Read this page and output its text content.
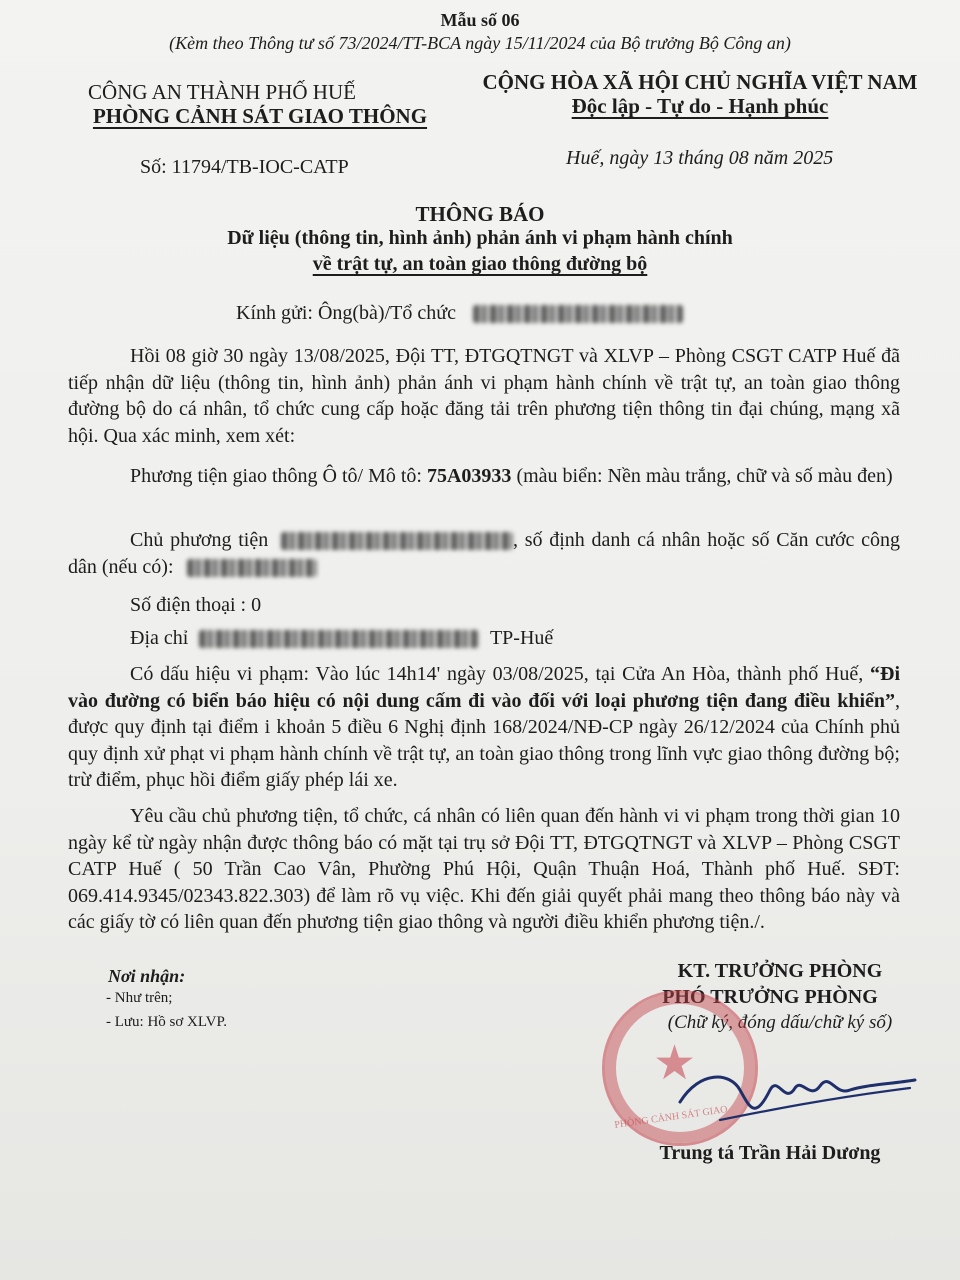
Mẫu số 06
(Kèm theo Thông tư số 73/2024/TT-BCA ngày 15/11/2024 của Bộ trưởng Bộ Công an)
CÔNG AN THÀNH PHỐ HUẾ
PHÒNG CẢNH SÁT GIAO THÔNG
CỘNG HÒA XÃ HỘI CHỦ NGHĨA VIỆT NAM
Độc lập - Tự do - Hạnh phúc
Số: 11794/TB-IOC-CATP	Huế, ngày 13 tháng 08 năm 2025
THÔNG BÁO
Dữ liệu (thông tin, hình ảnh) phản ánh vi phạm hành chính
về trật tự, an toàn giao thông đường bộ
Kính gửi: Ông(bà)/Tổ chức
Hồi 08 giờ 30 ngày 13/08/2025, Đội TT, ĐTGQTNGT và XLVP – Phòng CSGT CATP Huế đã tiếp nhận dữ liệu (thông tin, hình ảnh) phản ánh vi phạm hành chính về trật tự, an toàn giao thông đường bộ do cá nhân, tổ chức cung cấp hoặc đăng tải trên phương tiện thông tin đại chúng, mạng xã hội. Qua xác minh, xem xét:
Phương tiện giao thông Ô tô/ Mô tô: 75A03933 (màu biển: Nền màu trắng, chữ và số màu đen)
Chủ phương tiện	, số định danh cá nhân hoặc số Căn cước công dân (nếu có):
Số điện thoại : 0
Địa chỉ	TP-Huế
Có dấu hiệu vi phạm: Vào lúc 14h14' ngày 03/08/2025, tại Cửa An Hòa, thành phố Huế, “Đi vào đường có biển báo hiệu có nội dung cấm đi vào đối với loại phương tiện đang điều khiển”, được quy định tại điểm i khoản 5 điều 6 Nghị định 168/2024/NĐ-CP ngày 26/12/2024 của Chính phủ quy định xử phạt vi phạm hành chính về trật tự, an toàn giao thông trong lĩnh vực giao thông đường bộ; trừ điểm, phục hồi điểm giấy phép lái xe.
Yêu cầu chủ phương tiện, tổ chức, cá nhân có liên quan đến hành vi vi phạm trong thời gian 10 ngày kể từ ngày nhận được thông báo có mặt tại trụ sở Đội TT, ĐTGQTNGT và XLVP – Phòng CSGT CATP Huế ( 50 Trần Cao Vân, Phường Phú Hội, Quận Thuận Hoá, Thành phố Huế. SĐT: 069.414.9345/02343.822.303) để làm rõ vụ việc. Khi đến giải quyết phải mang theo thông báo này và các giấy tờ có liên quan đến phương tiện giao thông và người điều khiển phương tiện./.
Nơi nhận:
- Như trên;
- Lưu: Hồ sơ XLVP.
KT. TRƯỞNG PHÒNG
PHÓ TRƯỞNG PHÒNG
(Chữ ký, đóng dấu/chữ ký số)
★
PHÒNG CẢNH SÁT GIAO
Trung tá Trần Hải Dương
